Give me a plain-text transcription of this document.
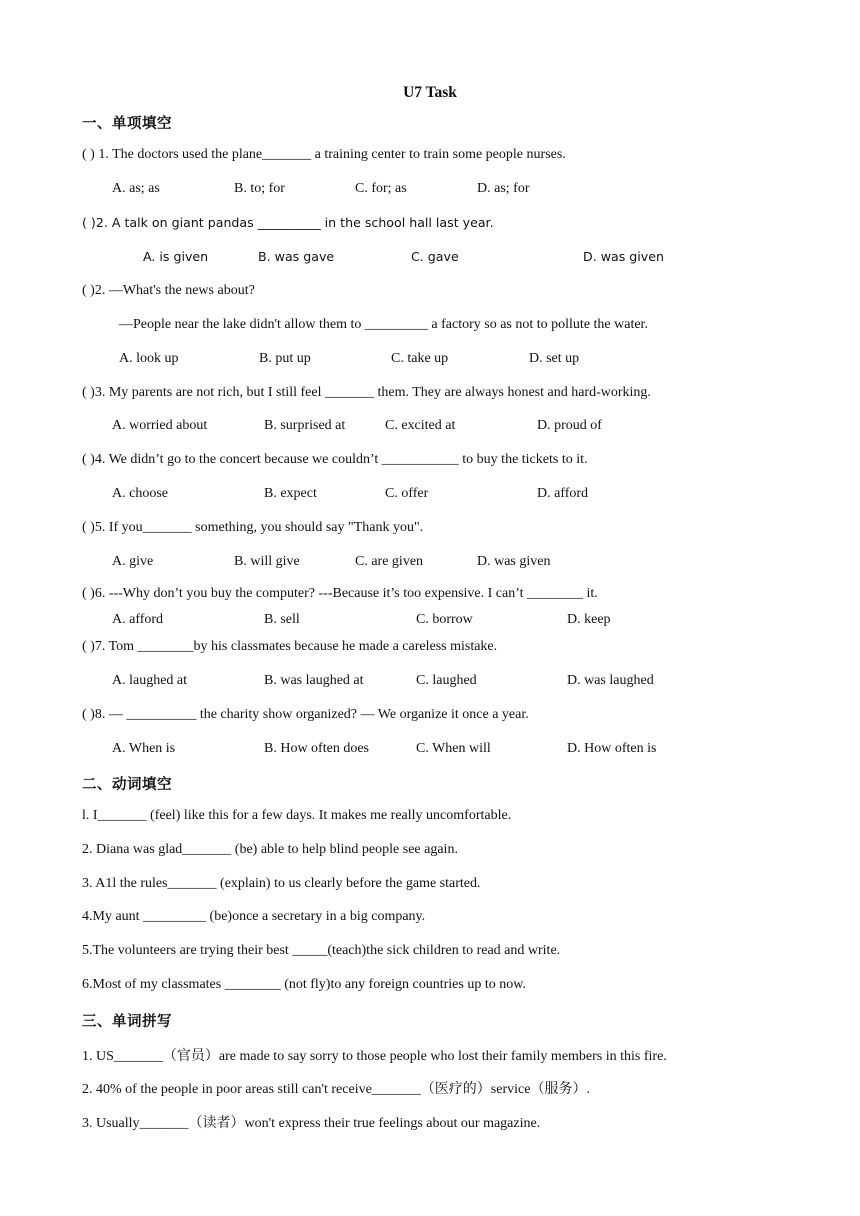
U7 Task
一、单项填空
( ) 1. The doctors used the plane_______ a training center to train some people nurses.
A. as; as	B. to; for	C. for; as	D. as; for
( )2. A talk on giant pandas __________ in the school hall last year.
A. is given	B. was gave	C. gave	D. was given
( )2. —What's the news about?
—People near the lake didn't allow them to _________ a factory so as not to pollute the water.
A. look up	B. put up	C. take up	D. set up
( )3. My parents are not rich, but I still feel _______ them. They are always honest and hard-working.
A. worried about	B. surprised at	C. excited at	D. proud of
( )4. We didn’t go to the concert because we couldn’t ___________ to buy the tickets to it.
A. choose	B. expect	C. offer	D. afford
( )5. If you_______ something, you should say "Thank you".
A. give	B. will give	C. are given	D. was given
( )6. ---Why don’t you buy the computer? ---Because it’s too expensive. I can’t ________ it.
A. afford	B. sell	C. borrow	D. keep
( )7. Tom ________by his classmates because he made a careless mistake.
A. laughed at	B. was laughed at	C. laughed	D. was laughed
( )8. — __________ the charity show organized? — We organize it once a year.
A. When is	B. How often does	C. When will	D. How often is
二、动词填空
l. I_______ (feel) like this for a few days. It makes me really uncomfortable.
2. Diana was glad_______ (be) able to help blind people see again.
3. A1l the rules_______ (explain) to us clearly before the game started.
4.My aunt _________ (be)once a secretary in a big company.
5.The volunteers are trying their best _____(teach)the sick children to read and write.
6.Most of my classmates ________ (not fly)to any foreign countries up to now.
三、单词拼写
1. US_______（官员）are made to say sorry to those people who lost their family members in this fire.
2. 40% of the people in poor areas still can't receive_______（医疗的）service（服务）.
3. Usually_______（读者）won't express their true feelings about our magazine.
